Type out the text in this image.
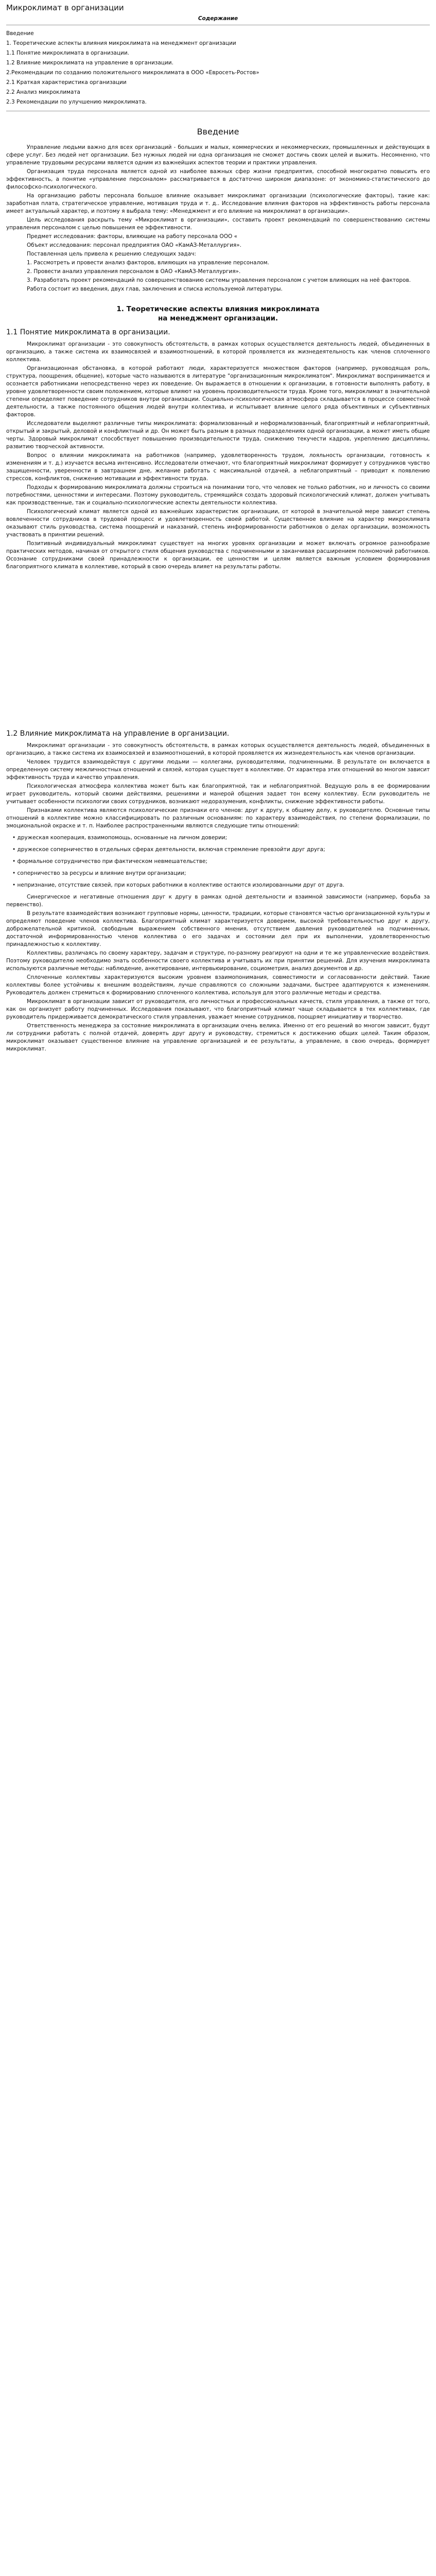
Микроклимат в организации
Содержание
Введение
1. Теоретические аспекты влияния микроклимата на менеджмент организации
1.1 Понятие микроклимата в организации.
1.2 Влияние микроклимата на управление в организации.
2.Рекомендации по созданию положительного микроклимата в ООО «Евросеть-Ростов»
2.1 Краткая характеристика организации
2.2 Анализ микроклимата
2.3 Рекомендации по улучшению микроклимата.
Введение

Управление людьми важно для всех организаций - больших и малых, коммерческих и некоммерческих, промышленных и действующих в сфере услуг. Без людей нет организации. Без нужных людей ни одна организация не сможет достичь своих целей и выжить. Несомненно, что управление трудовыми ресурсами является одним из важнейших аспектов теории и практики управления.

Организация труда персонала является одной из наиболее важных сфер жизни предприятия, способной многократно повысить его эффективность, а понятие «управление персоналом» рассматривается в достаточно широком диапазоне: от экономико-статистического до философско-психологического.

На организацию работы персонала большое влияние оказывает микроклимат организации (психологические факторы), такие как: заработная плата, стратегическое управление, мотивация труда и т. д.. Исследование влияния факторов на эффективность работы персонала имеет актуальный характер, и поэтому я выбрала тему: «Менеджмент и его влияние на микроклимат в организации».

Цель исследования раскрыть тему «Микроклимат в организации», составить проект рекомендаций по совершенствованию системы управления персоналом с целью повышения ее эффективности.

Предмет исследования: факторы, влияющие на работу персонала ООО «

Объект исследования: персонал предприятия ОАО «КамАЗ-Металлургия».

Поставленная цель привела к решению следующих задач:

1. Рассмотреть и провести анализ факторов, влияющих на управление персоналом.

2. Провести анализ управления персоналом в ОАО «КамАЗ-Металлургия».

3. Разработать проект рекомендаций по совершенствованию системы управления персоналом с учетом влияющих на неё факторов.

Работа состоит из введения, двух глав, заключения и списка используемой литературы.

1. Теоретические аспекты влияния микроклимата
на менеджмент организации.
1.1 Понятие микроклимата в организации.

Микроклимат организации - это совокупность обстоятельств, в рамках которых осуществляется деятельность людей, объединенных в организацию, а также система их взаимосвязей и взаимоотношений, в которой проявляется их жизнедеятельность как членов сплоченного коллектива.

Организационная обстановка, в которой работают люди, характеризуется множеством факторов (например, руководящая роль, структура, поощрения, общение), которые часто называются в литературе "организационным микроклиматом". Микроклимат воспринимается и осознается работниками непосредственно через их поведение. Он выражается в отношении к организации, в готовности выполнять работу, в уровне удовлетворенности своим положением, которые влияют на уровень производительности труда. Кроме того, микроклимат в значительной степени определяет поведение сотрудников внутри организации. Социально-психологическая атмосфера складывается в процессе совместной деятельности, а также постоянного общения людей внутри коллектива, и испытывает влияние целого ряда объективных и субъективных факторов.

Исследователи выделяют различные типы микроклимата: формализованный и неформализованный, благоприятный и неблагоприятный, открытый и закрытый, деловой и конфликтный и др. Он может быть разным в разных подразделениях одной организации, а может иметь общие черты. Здоровый микроклимат способствует повышению производительности труда, снижению текучести кадров, укреплению дисциплины, развитию творческой активности.

Вопрос о влиянии микроклимата на работников (например, удовлетворенность трудом, лояльность организации, готовность к изменениям и т. д.) изучается весьма интенсивно. Исследователи отмечают, что благоприятный микроклимат формирует у сотрудников чувство защищенности, уверенности в завтрашнем дне, желание работать с максимальной отдачей, а неблагоприятный – приводит к появлению стрессов, конфликтов, снижению мотивации и эффективности труда.

Подходы к формированию микроклимата должны строиться на понимании того, что человек не только работник, но и личность со своими потребностями, ценностями и интересами. Поэтому руководитель, стремящийся создать здоровый психологический климат, должен учитывать как производственные, так и социально-психологические аспекты деятельности коллектива.

Психологический климат является одной из важнейших характеристик организации, от которой в значительной мере зависит степень вовлеченности сотрудников в трудовой процесс и удовлетворенность своей работой. Существенное влияние на характер микроклимата оказывают стиль руководства, система поощрений и наказаний, степень информированности работников о делах организации, возможность участвовать в принятии решений.

Позитивный индивидуальный микроклимат существует на многих уровнях организации и может включать огромное разнообразие практических методов, начиная от открытого стиля общения руководства с подчиненными и заканчивая расширением полномочий работников. Осознание сотрудниками своей принадлежности к организации, ее ценностям и целям является важным условием формирования благоприятного климата в коллективе, который в свою очередь влияет на результаты работы.

1.2 Влияние микроклимата на управление в организации.

Микроклимат организации - это совокупность обстоятельств, в рамках которых осуществляется деятельность людей, объединенных в организацию, а также система их взаимосвязей и взаимоотношений, в которой проявляется их жизнедеятельность как членов организации.

Человек трудится взаимодействуя с другими людьми — коллегами, руководителями, подчиненными. В результате он включается в определенную систему межличностных отношений и связей, которая существует в коллективе. От характера этих отношений во многом зависит эффективность труда и качество управления.

Психологическая атмосфера коллектива может быть как благоприятной, так и неблагоприятной. Ведущую роль в ее формировании играет руководитель, который своими действиями, решениями и манерой общения задает тон всему коллективу. Если руководитель не учитывает особенности психологии своих сотрудников, возникают недоразумения, конфликты, снижение эффективности работы.

Признаками коллектива являются психологические признаки его членов: друг к другу, к общему делу, к руководителю. Основные типы отношений в коллективе можно классифицировать по различным основаниям: по характеру взаимодействия, по степени формализации, по эмоциональной окраске и т. п. Наиболее распространенными являются следующие типы отношений:

• дружеская кооперация, взаимопомощь, основанные на личном доверии;
• дружеское соперничество в отдельных сферах деятельности, включая стремление превзойти друг друга;
• формальное сотрудничество при фактическом невмешательстве;
• соперничество за ресурсы и влияние внутри организации;
• непризнание, отсутствие связей, при которых работники в коллективе остаются изолированными друг от друга.

Синергическое и негативные отношения друг к другу в рамках одной деятельности и взаимной зависимости (например, борьба за первенство).

В результате взаимодействия возникают групповые нормы, ценности, традиции, которые становятся частью организационной культуры и определяют поведение членов коллектива. Благоприятный климат характеризуется доверием, высокой требовательностью друг к другу, доброжелательной критикой, свободным выражением собственного мнения, отсутствием давления руководителей на подчиненных, достаточной информированностью членов коллектива о его задачах и состоянии дел при их выполнении, удовлетворенностью принадлежностью к коллективу.

Коллективы, различаясь по своему характеру, задачам и структуре, по-разному реагируют на одни и те же управленческие воздействия. Поэтому руководителю необходимо знать особенности своего коллектива и учитывать их при принятии решений. Для изучения микроклимата используются различные методы: наблюдение, анкетирование, интервьюирование, социометрия, анализ документов и др.

Сплоченные коллективы характеризуются высоким уровнем взаимопонимания, совместимости и согласованности действий. Такие коллективы более устойчивы к внешним воздействиям, лучше справляются со сложными задачами, быстрее адаптируются к изменениям. Руководитель должен стремиться к формированию сплоченного коллектива, используя для этого различные методы и средства.

Микроклимат в организации зависит от руководителя, его личностных и профессиональных качеств, стиля управления, а также от того, как он организует работу подчиненных. Исследования показывают, что благоприятный климат чаще складывается в тех коллективах, где руководитель придерживается демократического стиля управления, уважает мнение сотрудников, поощряет инициативу и творчество.

Ответственность менеджера за состояние микроклимата в организации очень велика. Именно от его решений во многом зависит, будут ли сотрудники работать с полной отдачей, доверять друг другу и руководству, стремиться к достижению общих целей. Таким образом, микроклимат оказывает существенное влияние на управление организацией и ее результаты, а управление, в свою очередь, формирует микроклимат.
